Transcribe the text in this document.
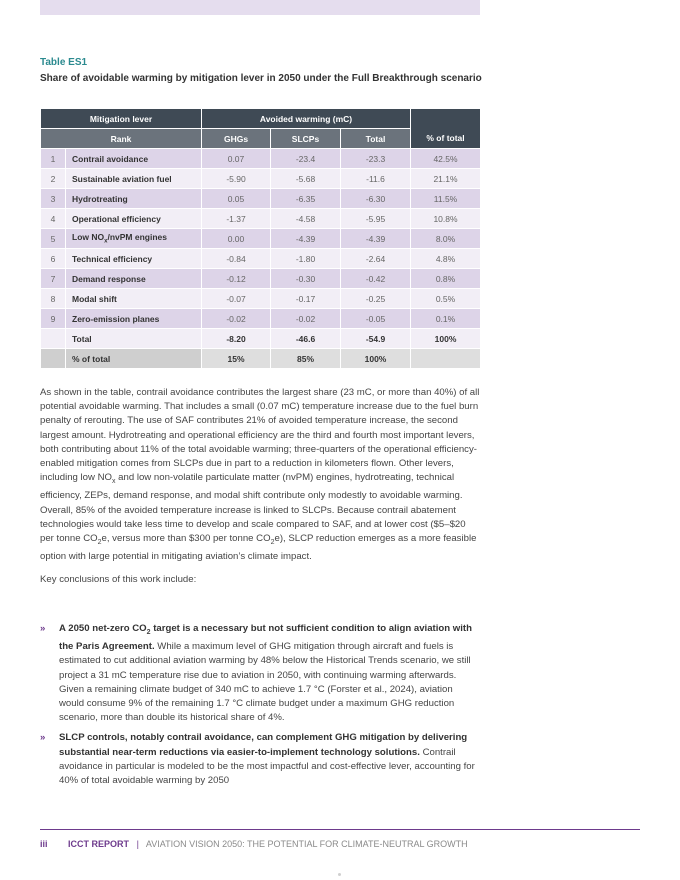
Table ES1
Share of avoidable warming by mitigation lever in 2050 under the Full Breakthrough scenario
Mitigation lever		Avoided warming (mC)			% of total
Rank		GHGs	SLCPs	Total	
1	Contrail avoidance	0.07	-23.4	-23.3	42.5%
2	Sustainable aviation fuel	-5.90	-5.68	-11.6	21.1%
3	Hydrotreating	0.05	-6.35	-6.30	11.5%
4	Operational efficiency	-1.37	-4.58	-5.95	10.8%
5	Low $NO_x$/nvPM engines	0.00	-4.39	-4.39	8.0%
6	Technical efficiency	-0.84	-1.80	-2.64	4.8%
7	Demand response	-0.12	-0.30	-0.42	0.8%
8	Modal shift	-0.07	-0.17	-0.25	0.5%
9	Zero-emission planes	-0.02	-0.02	-0.05	0.1%
	Total	-8.20	-46.6	-54.9	100%
	% of total	15%	85%	100%	

As shown in the table, contrail avoidance contributes the largest share (23 mC, or more than 40%) of all potential avoidable warming. That includes a small (0.07 mC) temperature increase due to the fuel burn penalty of rerouting. The use of SAF contributes 21% of avoided temperature increase, the second largest amount. Hydrotreating and operational efficiency are the third and fourth most important levers, both contributing about 11% of the total avoidable warming; three-quarters of the operational efficiency-enabled mitigation comes from SLCPs due in part to a reduction in kilometers flown. Other levers, including low $NO_x$ and low non-volatile particulate matter (nvPM) engines, hydrotreating, technical efficiency, ZEPs, demand response, and modal shift contribute only modestly to avoidable warming. Overall, 85% of the avoided temperature increase is linked to SLCPs. Because contrail abatement technologies would take less time to develop and scale compared to SAF, and at lower cost ($5–$20 per tonne $CO_2e$, versus more than $300 per tonne $CO_2e$), SLCP reduction emerges as a more feasible option with large potential in mitigating aviation’s climate impact.

Key conclusions of this work include:

» A 2050 net-zero $CO_2$ target is a necessary but not sufficient condition to align aviation with the Paris Agreement. While a maximum level of GHG mitigation through aircraft and fuels is estimated to cut additional aviation warming by 48% below the Historical Trends scenario, we still project a 31 mC temperature rise due to aviation in 2050, with continuing warming afterwards. Given a remaining climate budget of 340 mC to achieve 1.7 °C (Forster et al., 2024), aviation would consume 9% of the remaining 1.7 °C climate budget under a maximum GHG reduction scenario, more than double its historical share of 4%.
» SLCP controls, notably contrail avoidance, can complement GHG mitigation by delivering substantial near-term reductions via easier-to-implement technology solutions. Contrail avoidance in particular is modeled to be the most impactful and cost-effective lever, accounting for 40% of total avoidable warming by 2050
iii ICCT REPORT | AVIATION VISION 2050: THE POTENTIAL FOR CLIMATE-NEUTRAL GROWTH
